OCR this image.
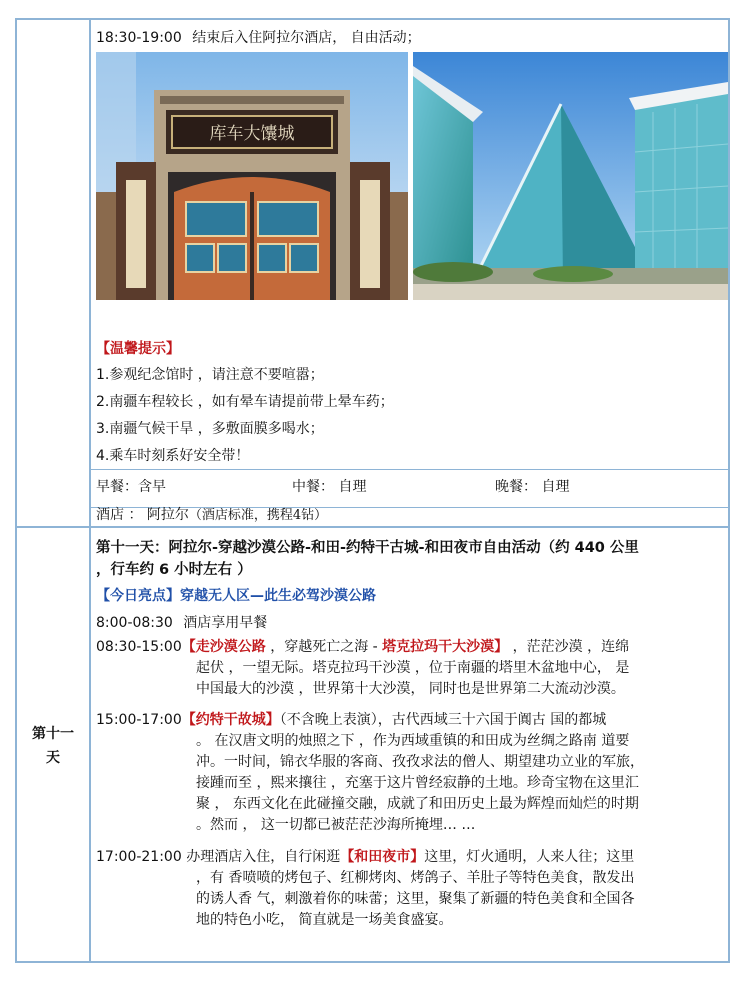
第十一
天
18:30-19:00 结束后入住阿拉尔酒店， 自由活动；
库车大馕城
【温馨提示】
1.参观纪念馆时 ，请注意不要喧嚣；
2.南疆车程较长 ，如有晕车请提前带上晕车药；
3.南疆气候干旱 ，多敷面膜多喝水；
4.乘车时刻系好安全带！
早餐：含早	中餐： 自理	晚餐： 自理
酒店 ： 阿拉尔（酒店标准，携程4钻）
第十一天：阿拉尔-穿越沙漠公路-和田-约特干古城-和田夜市自由活动（约 440 公里
，行车约 6 小时左右 ）
【今日亮点】穿越无人区—此生必驾沙漠公路
8:00-08:30 酒店享用早餐
08:30-15:00【走沙漠公路 ，穿越死亡之海 - 塔克拉玛干大沙漠】 ，茫茫沙漠 ，连绵
起伏 ，一望无际。塔克拉玛干沙漠 ，位于南疆的塔里木盆地中心， 是
中国最大的沙漠 ，世界第十大沙漠， 同时也是世界第二大流动沙漠。
15:00-17:00【约特干故城】（不含晚上表演），古代西域三十六国于阗古 国的都城
。 在汉唐文明的烛照之下 ，作为西域重镇的和田成为丝绸之路南 道要
冲。一时间，锦衣华服的客商、孜孜求法的僧人、期望建功立业的军旅，
接踵而至 ，熙来攘往 ，充塞于这片曾经寂静的土地。珍奇宝物在这里汇
聚 ， 东西文化在此碰撞交融，成就了和田历史上最为辉煌而灿烂的时期
。然而 ， 这一切都已被茫茫沙海所掩埋… …
17:00-21:00 办理酒店入住，自行闲逛【和田夜市】这里，灯火通明，人来人往；这里
，有 香喷喷的烤包子、红柳烤肉、烤鸽子、羊肚子等特色美食，散发出
的诱人香 气，刺激着你的味蕾；这里，聚集了新疆的特色美食和全国各
地的特色小吃， 简直就是一场美食盛宴。
